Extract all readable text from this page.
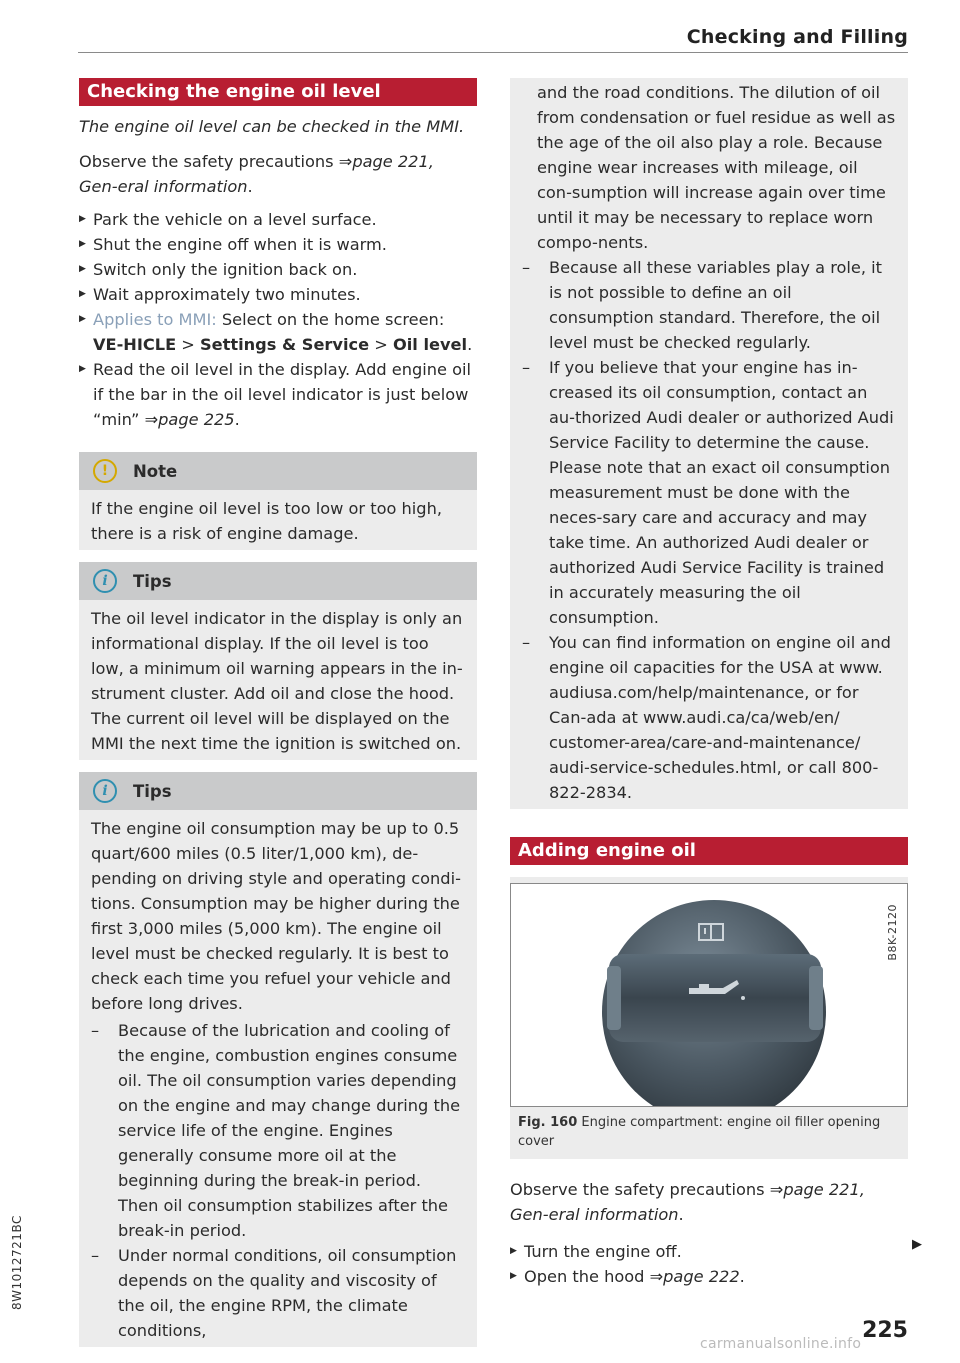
Checking and Filling
8W1012721BC
Checking the engine oil level

The engine oil level can be checked in the MMI.

Observe the safety precautions ⇒page 221, Gen-eral information.

▶ Park the vehicle on a level surface.
▶ Shut the engine off when it is warm.
▶ Switch only the ignition back on.
▶ Wait approximately two minutes.
▶ Applies to MMI: Select on the home screen: VE-HICLE > Settings & Service > Oil level.
▶ Read the oil level in the display. Add engine oil if the bar in the oil level indicator is just below “min” ⇒page 225.
!	Note
If the engine oil level is too low or too high, there is a risk of engine damage.
i	Tips
The oil level indicator in the display is only an informational display. If the oil level is too low, a minimum oil warning appears in the in-strument cluster. Add oil and close the hood. The current oil level will be displayed on the MMI the next time the ignition is switched on.
i	Tips

The engine oil consumption may be up to 0.5 quart/600 miles (0.5 liter/1,000 km), de-pending on driving style and operating condi-tions. Consumption may be higher during the first 3,000 miles (5,000 km). The engine oil level must be checked regularly. It is best to check each time you refuel your vehicle and before long drives.

– Because of the lubrication and cooling of the engine, combustion engines consume oil. The oil consumption varies depending on the engine and may change during the service life of the engine. Engines generally consume more oil at the beginning during the break-in period. Then oil consumption stabilizes after the break-in period.
– Under normal conditions, oil consumption depends on the quality and viscosity of the oil, the engine RPM, the climate conditions,
and the road conditions. The dilution of oil from condensation or fuel residue as well as the age of the oil also play a role. Because engine wear increases with mileage, oil con-sumption will increase again over time until it may be necessary to replace worn compo-nents.
– Because all these variables play a role, it is not possible to define an oil consumption standard. Therefore, the oil level must be checked regularly.
– If you believe that your engine has in-creased its oil consumption, contact an au-thorized Audi dealer or authorized Audi Service Facility to determine the cause. Please note that an exact oil consumption measurement must be done with the neces-sary care and accuracy and may take time. An authorized Audi dealer or authorized Audi Service Facility is trained in accurately measuring the oil consumption.
– You can find information on engine oil and engine oil capacities for the USA at www. audiusa.com/help/maintenance, or for Can-ada at www.audi.ca/ca/web/en/ customer-area/care-and-maintenance/ audi-service-schedules.html, or call 800-822-2834.
Adding engine oil
B8K-2120
Fig. 160 Engine compartment: engine oil filler opening cover

Observe the safety precautions ⇒page 221, Gen-eral information.

▶ Turn the engine off.
▶ Open the hood ⇒page 222.
▶
225
carmanualsonline.info
